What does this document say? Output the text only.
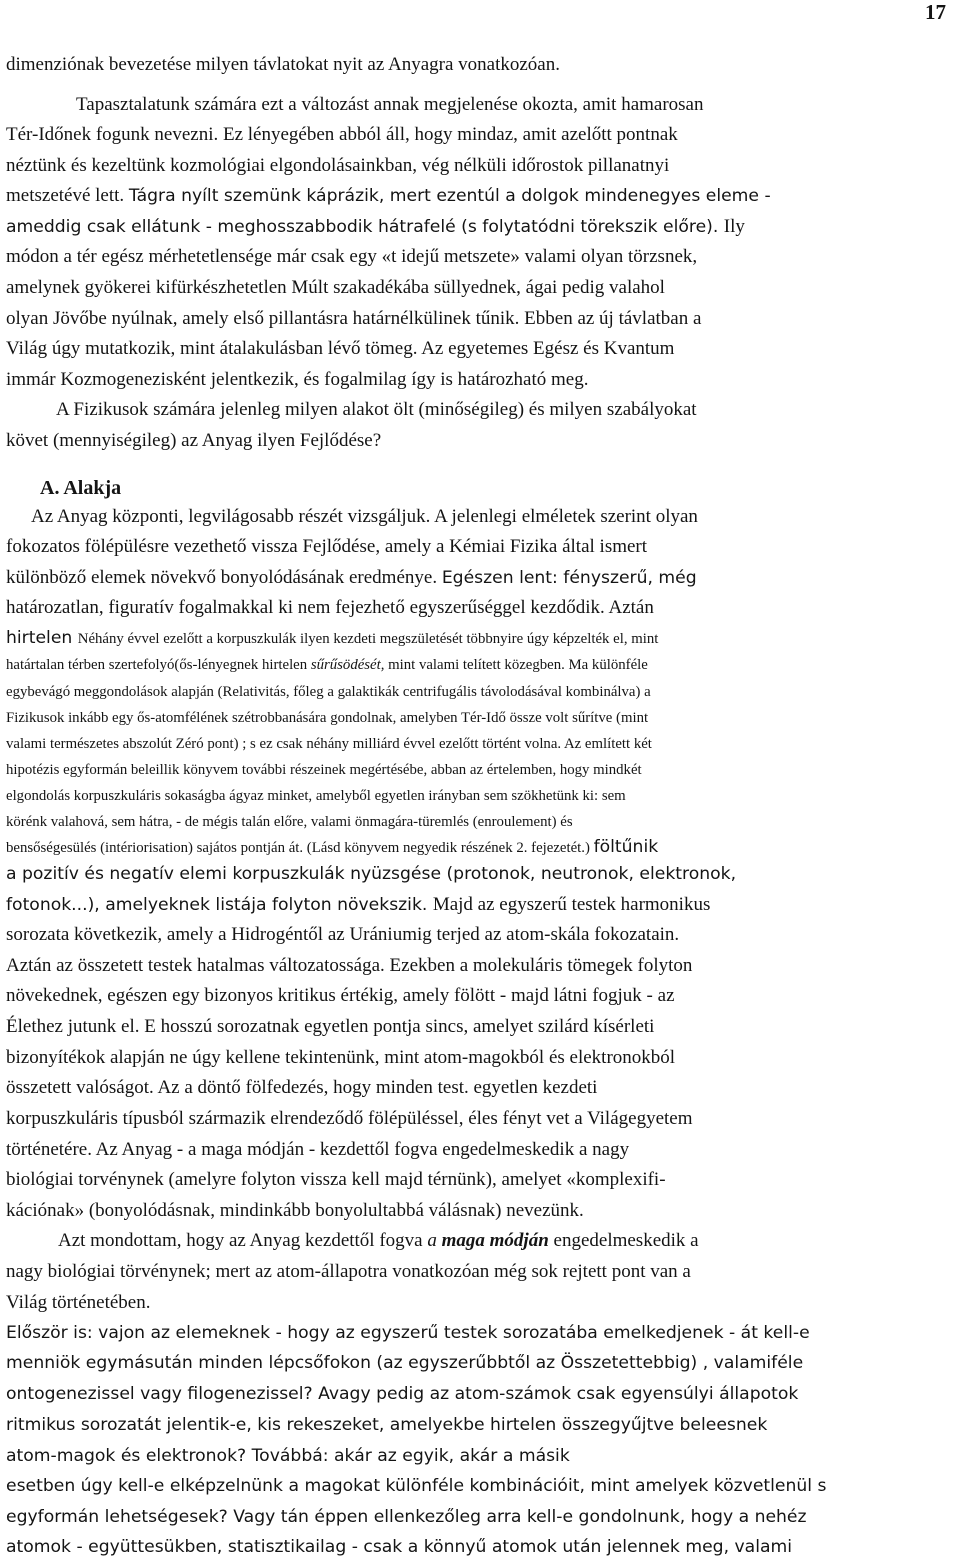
17
dimenziónak bevezetése milyen távlatokat nyit az Anyagra vonatkozóan.
Tapasztalatunk számára ezt a változást annak megjelenése okozta, amit hamarosan
Tér-Időnek fogunk nevezni. Ez lényegében abból áll, hogy mindaz, amit azelőtt pontnak
néztünk és kezeltünk kozmológiai elgondolásainkban, vég nélküli időrostok pillanatnyi
metszetévé lett. Tágra nyílt szemünk káprázik, mert ezentúl a dolgok mindenegyes eleme -
ameddig csak ellátunk - meghosszabbodik hátrafelé (s folytatódni törekszik előre). Ily
módon a tér egész mérhetetlensége már csak egy «t idejű metszete» valami olyan törzsnek,
amelynek gyökerei kifürkészhetetlen Múlt szakadékába süllyednek, ágai pedig valahol
olyan Jövőbe nyúlnak, amely első pillantásra határnélkülinek tűnik. Ebben az új távlatban a
Világ úgy mutatkozik, mint átalakulásban lévő tömeg. Az egyetemes Egész és Kvantum
immár Kozmogenezisként jelentkezik, és fogalmilag így is határozható meg.
A Fizikusok számára jelenleg milyen alakot ölt (minőségileg) és milyen szabályokat
követ (mennyiségileg) az Anyag ilyen Fejlődése?
A. Alakja
Az Anyag központi, legvilágosabb részét vizsgáljuk. A jelenlegi elméletek szerint olyan
fokozatos fölépülésre vezethető vissza Fejlődése, amely a Kémiai Fizika által ismert
különböző elemek növekvő bonyolódásának eredménye. Egészen lent: fényszerű, még
határozatlan, figuratív fogalmakkal ki nem fejezhető egyszerűséggel kezdődik. Aztán
hirtelen Néhány évvel ezelőtt a korpuszkulák ilyen kezdeti megszületését többnyire úgy képzelték el, mint
határtalan térben szertefolyó(ős-lényegnek hirtelen sűrűsödését, mint valami telített közegben. Ma különféle
egybevágó meggondolások alapján (Relativitás, főleg a galaktikák centrifugális távolodásával kombinálva) a
Fizikusok inkább egy ős-atomfélének szétrobbanására gondolnak, amelyben Tér-Idő össze volt sűrítve (mint
valami természetes abszolút Zéró pont) ; s ez csak néhány milliárd évvel ezelőtt történt volna. Az említett két
hipotézis egyformán beleillik könyvem további részeinek megértésébe, abban az értelemben, hogy mindkét
elgondolás korpuszkuláris sokaságba ágyaz minket, amelyből egyetlen irányban sem szökhetünk ki: sem
körénk valahová, sem hátra, - de mégis talán előre, valami önmagára-türemlés (enroulement) és
bensőségesülés (intériorisation) sajátos pontján át. (Lásd könyvem negyedik részének 2. fejezetét.) föltűnik
a pozitív és negatív elemi korpuszkulák nyüzsgése (protonok, neutronok, elektronok,
fotonok...), amelyeknek listája folyton növekszik. Majd az egyszerű testek harmonikus
sorozata következik, amely a Hidrogéntől az Urániumig terjed az atom-skála fokozatain.
Aztán az összetett testek hatalmas változatossága. Ezekben a molekuláris tömegek folyton
növekednek, egészen egy bizonyos kritikus értékig, amely fölött - majd látni fogjuk - az
Élethez jutunk el. E hosszú sorozatnak egyetlen pontja sincs, amelyet szilárd kísérleti
bizonyítékok alapján ne úgy kellene tekintenünk, mint atom-magokból és elektronokból
összetett valóságot. Az a döntő fölfedezés, hogy minden test. egyetlen kezdeti
korpuszkuláris típusból származik elrendeződő fölépüléssel, éles fényt vet a Világegyetem
történetére. Az Anyag - a maga módján - kezdettől fogva engedelmeskedik a nagy
biológiai torvénynek (amelyre folyton vissza kell majd térnünk), amelyet «komplexifi-
kációnak» (bonyolódásnak, mindinkább bonyolultabbá válásnak) nevezünk.
Azt mondottam, hogy az Anyag kezdettől fogva a maga módján engedelmeskedik a
nagy biológiai törvénynek; mert az atom-állapotra vonatkozóan még sok rejtett pont van a
Világ történetében.
Először is: vajon az elemeknek - hogy az egyszerű testek sorozatába emelkedjenek - át kell-e
menniök egymásután minden lépcsőfokon (az egyszerűbbtől az Összetettebbig) , valamiféle
ontogenezissel vagy filogenezissel? Avagy pedig az atom-számok csak egyensúlyi állapotok
ritmikus sorozatát jelentik-e, kis rekeszeket, amelyekbe hirtelen összegyűjtve beleesnek
atom-magok és elektronok? Továbbá: akár az egyik, akár a másik
esetben úgy kell-e elképzelnünk a magokat különféle kombinációit, mint amelyek közvetlenül s
egyformán lehetségesek? Vagy tán éppen ellenkezőleg arra kell-e gondolnunk, hogy a nehéz
atomok - együttesükben, statisztikailag - csak a könnyű atomok után jelennek meg, valami
